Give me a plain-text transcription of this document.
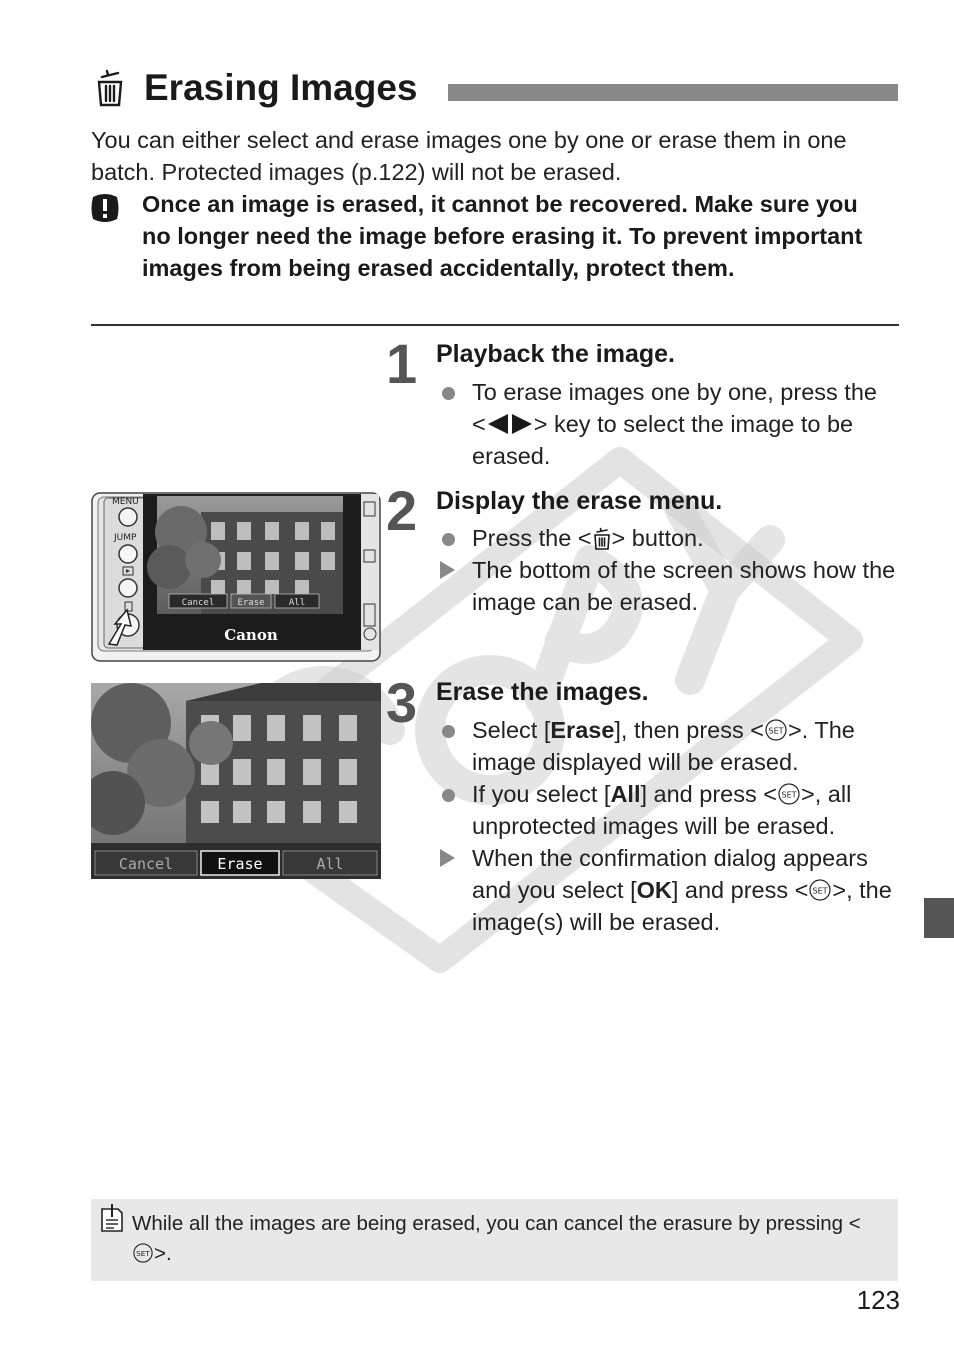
Erasing Images
You can either select and erase images one by one or erase them in one batch. Protected images (p.122) will not be erased.
Once an image is erased, it cannot be recovered. Make sure you no longer need the image before erasing it. To prevent important images from being erased accidentally, protect them.
1 Playback the image.
To erase images one by one, press the < > key to select the image to be erased.
2 Display the erase menu.
Press the < > button.
The bottom of the screen shows how the image can be erased.
MENU
JUMP
Cancel	Erase	All
Canon
3 Erase the images.
Select [Erase], then press < SET >. The image displayed will be erased.
If you select [All] and press < SET >, all unprotected images will be erased.
When the confirmation dialog appears and you select [OK] and press < SET >, the image(s) will be erased.
Cancel	Erase	All
While all the images are being erased, you can cancel the erasure by pressing <
SET >.
123
